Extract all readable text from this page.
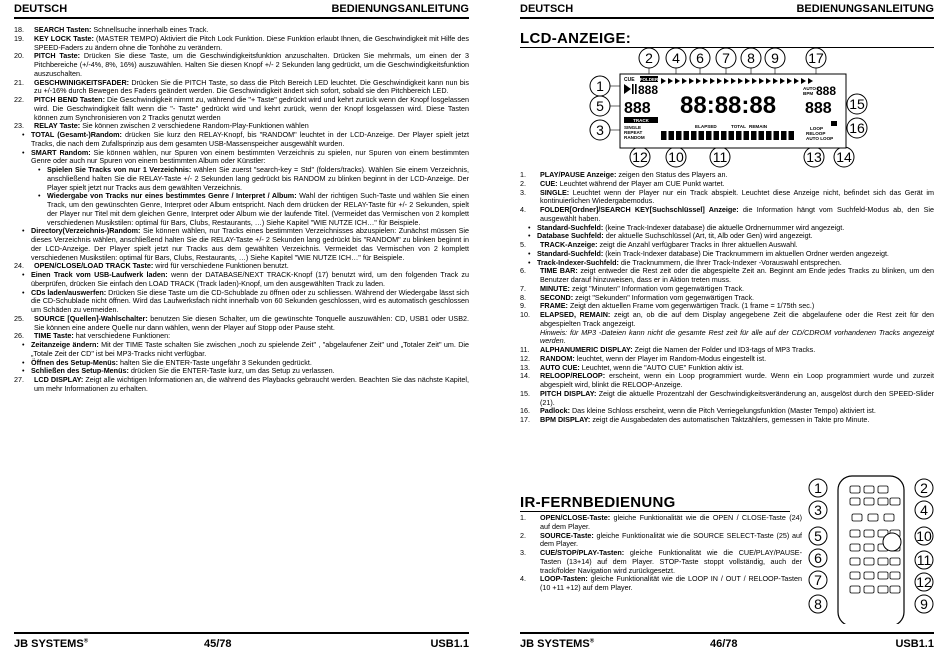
DEUTSCH	BEDIENUNGSANLEITUNG
18. SEARCH Tasten: Schnellsuche innerhalb eines Track.
19. KEY LOCK Taste: (MASTER TEMPO) Aktiviert die Pitch Lock Funktion. Diese Funktion erlaubt Ihnen, die Geschwindigkeit mit Hilfe des SPEED-Faders zu ändern ohne die Tonhöhe zu verändern.
20. PITCH Taste: Drücken Sie diese Taste, um die Geschwindigkeitsfunktion anzuschalten. Drücken Sie mehrmals, um einen der 3 Pitchbereiche (+/-4%, 8%, 16%) auszuwählen. Halten Sie diesen Knopf +/- 2 Sekunden lang gedrückt, um die Geschwindigkeitsfunktion auszuschalten.
21. GESCHWINIGKEITSFADER: Drücken Sie die PITCH Taste, so dass die Pitch Bereich LED leuchtet. Die Geschwindigkeit kann nun bis zu +/-16% durch Bewegen des Faders geändert werden. Die Geschwindigkeit ändert sich sofort, sobald sie den Pitchbereich LED.
22. PITCH BEND Tasten: Die Geschwindigkeit nimmt zu, während die "+ Taste" gedrückt wird und kehrt zurück wenn der Knopf losgelassen wird. Die Geschwindigkeit fällt wenn die "- Taste" gedrückt wird und kehrt zurück, wenn der Knopf losgelassen wird. Diese Tasten können zum Synchronisieren von 2 Tracks genutzt werden
23. RELAY Taste: Sie können zwischen 2 verschiedene Random-Play-Funktionen wählen
• TOTAL (Gesamt-)Random: drücken Sie kurz den RELAY-Knopf, bis "RANDOM" leuchtet in der LCD-Anzeige. Der Player spielt jetzt Tracks, die nach dem Zufallsprinzip aus dem gesamten USB-Massenspeicher ausgewählt wurden.
• SMART Random: Sie können wählen, nur Spuren von einem bestimmten Verzeichnis zu spielen, nur Spuren von einem bestimmten Genre oder auch nur Spuren von einem bestimmten Album oder Künstler:
• Spielen Sie Tracks von nur 1 Verzeichnis: wählen Sie zuerst "search-key = Std" (folders/tracks). Wählen Sie einem Verzeichnis, anschließend halten Sie die RELAY-Taste +/- 2 Sekunden lang gedrückt bis RANDOM zu blinken beginnt in der LCD-Anzeige. Der Player spielt jetzt nur Tracks aus dem gewählten Verzeichnis.
• Wiedergabe von Tracks nur eines bestimmtes Genre / Interpret / Album: Wahl der richtigen Such-Taste und wählen Sie einen Track, um den gewünschten Genre, Interpret oder Album entspricht. Nach dem drücken der RELAY-Taste für +/- 2 Sekunden, spielt der Player nur Titel mit dem gleichen Genre, Interpret oder Album wie der laufende Titel. (Vermeidet das Vermischen von 2 komplett verschiedenen Musikstilen: optimal für Bars, Clubs, Restaurants, …) Siehe Kapitel "WIE NUTZE ICH…" für Beispiele.
• Directory(Verzeichnis-)Random: Sie können wählen, nur Tracks eines bestimmten Verzeichnisses abzuspielen: Zunächst müssen Sie dieses Verzeichnis wählen, anschließend halten Sie die RELAY-Taste +/- 2 Sekunden lang gedrückt bis "RANDOM" zu blinken beginnt in der LCD-Anzeige. Der Player spielt jetzt nur Tracks aus dem gewählten Verzeichnis. Vermeidet das Vermischen von 2 komplett verschiedenen Musikstilen: optimal für Bars, Clubs, Restaurants, …) Siehe Kapitel "WIE NUTZE ICH…" für Beispiele.
24. OPEN/CLOSE/LOAD TRACK Taste: wird für verschiedene Funktionen benutzt.
• Einen Track vom USB-Laufwerk laden: wenn der DATABASE/NEXT TRACK-Knopf (17) benutzt wird, um den folgenden Track zu überprüfen, drücken Sie einfach den LOAD TRACK (Track laden)-Knopf, um den ausgewählten Track zu laden.
• CDs laden/auswerfen: Drücken Sie diese Taste um die CD-Schublade zu öffnen oder zu schliessen. Während der Wiedergabe lässt sich die CD-Schublade nicht öffnen. Wird das Laufwerksfach nicht innerhalb von 60 Sekunden geschlossen, wird es automatisch geschlossen um Schäden zu vermeiden.
25. SOURCE [Quellen]-Wahlschalter: benutzen Sie diesen Schalter, um die gewünschte Tonquelle auszuwählen: CD, USB1 oder USB2. Sie können eine andere Quelle nur dann wählen, wenn der Player auf Stopp oder Pause steht.
26. TIME Taste: hat verschiedene Funktionen:
• Zeitanzeige ändern: Mit der TIME Taste schalten Sie zwischen „noch zu spielende Zeit" , "abgelaufener Zeit" und „Totaler Zeit" um. Die „Totale Zeit der CD" ist bei MP3-Tracks nicht verfügbar.
• Öffnen des Setup-Menüs: halten Sie die ENTER-Taste ungefähr 3 Sekunden gedrückt.
• Schließen des Setup-Menüs: drücken Sie die ENTER-Taste kurz, um das Setup zu verlassen.
27. LCD DISPLAY: Zeigt alle wichtigen Informationen an, die während des Playbacks gebraucht werden. Beachten Sie das nächste Kapitel, um mehr Informationen zu erhalten.
JB SYSTEMS®	45/78	USB1.1
DEUTSCH	BEDIENUNGSANLEITUNG
LCD-ANZEIGE:
2 4 6 7 8 9 17
1
5
3
15
16
12 10 11	13 14
CUE FOLDER
888
888 88:88:88
TRACK
SINGLE
REPEAT
RANDOM
ELAPSED	TOTAL REMAIN
AUTO
BPM 888
888
LOOP
RELOOP
AUTO LOOP
1. PLAY/PAUSE Anzeige: zeigen den Status des Players an.
2. CUE: Leuchtet während der Player am CUE Punkt wartet.
3. SINGLE: Leuchtet wenn der Player nur ein Track abspielt. Leuchtet diese Anzeige nicht, befindet sich das Gerät im kontinuierlichen Wiedergabemodus.
4. FOLDER[Ordner]/SEARCH KEY[Suchschlüssel] Anzeige: die Information hängt vom Suchfeld-Modus ab, den Sie ausgewählt haben.
• Standard-Suchfeld: (keine Track-Indexer database) die aktuelle Ordnernummer wird angezeigt.
• Database Suchfeld: der aktuelle Suchschlüssel (Art, tit, Alb oder Gen) wird angezeigt.
5. TRACK-Anzeige: zeigt die Anzahl verfügbarer Tracks in Ihrer aktuellen Auswahl.
• Standard-Suchfeld: (kein Track-Indexer database) Die Tracknummern im aktuellen Ordner werden angezeigt.
• Track-Indexer-Suchfeld: die Tracknummern, die Ihrer Track-Indexer -Vorauswahl entsprechen.
6. TIME BAR: zeigt entweder die Rest zeit oder die abgespielte Zeit an. Beginnt am Ende jedes Tracks zu blinken, um den Benutzer darauf hinzuweisen, dass er in Aktion treten muss.
7. MINUTE: zeigt "Minuten" Information vom gegenwärtigen Track.
8. SECOND: zeigt "Sekunden" Information vom gegenwärtigen Track.
9. FRAME: Zeigt den aktuellen Frame vom gegenwärtigen Track. (1 frame = 1/75th sec.)
10. ELAPSED, REMAIN: zeigt an, ob die auf dem Display angegebene Zeit die abgelaufene oder die Rest zeit für den abgespielten Track angezeigt.
Hinweis: für MP3 -Dateien kann nicht die gesamte Rest zeit für alle auf der CD/CDROM vorhandenen Tracks angezeigt werden.
11. ALPHANUMERIC DISPLAY: Zeigt die Namen der Folder und ID3-tags of MP3 Tracks.
12. RANDOM: leuchtet, wenn der Player im Random-Modus eingestellt ist.
13. AUTO CUE: Leuchtet, wenn die "AUTO CUE" Funktion aktiv ist.
14. RELOOP/RELOOP: erscheint, wenn ein Loop programmiert wurde. Wenn ein Loop programmiert wurde und zurzeit abgespielt wird, blinkt die RELOOP-Anzeige.
15. PITCH DISPLAY: Zeigt die aktuelle Prozentzahl der Geschwindigkeitsveränderung an, ausgelöst durch den SPEED-Slider (21).
16. Padlock: Das kleine Schloss erscheint, wenn die Pitch Verriegelungsfunktion (Master Tempo) aktiviert ist.
17. BPM DISPLAY: zeigt die Ausgabedaten des automatischen Taktzählers, gemessen in Takte pro Minute.
IR-FERNBEDIENUNG
1. OPEN/CLOSE-Taste: gleiche Funktionalität wie die OPEN / CLOSE-Taste (24) auf dem Player.
2. SOURCE-Taste: gleiche Funktionalität wie die SOURCE SELECT-Taste (25) auf dem Player.
3. CUE/STOP/PLAY-Tasten: gleiche Funktionalität wie die CUE/PLAY/PAUSE-Tasten (13+14) auf dem Player. STOP-Taste stoppt vollständig, auch der track/folder Navigation wird zurückgesetzt.
4. LOOP-Tasten: gleiche Funktionalität wie die LOOP IN / OUT / RELOOP-Tasten (10 +11 +12) auf dem Player.
1
3
5
6
7
8
2
4
10
11
12
9
JB SYSTEMS®	46/78	USB1.1
